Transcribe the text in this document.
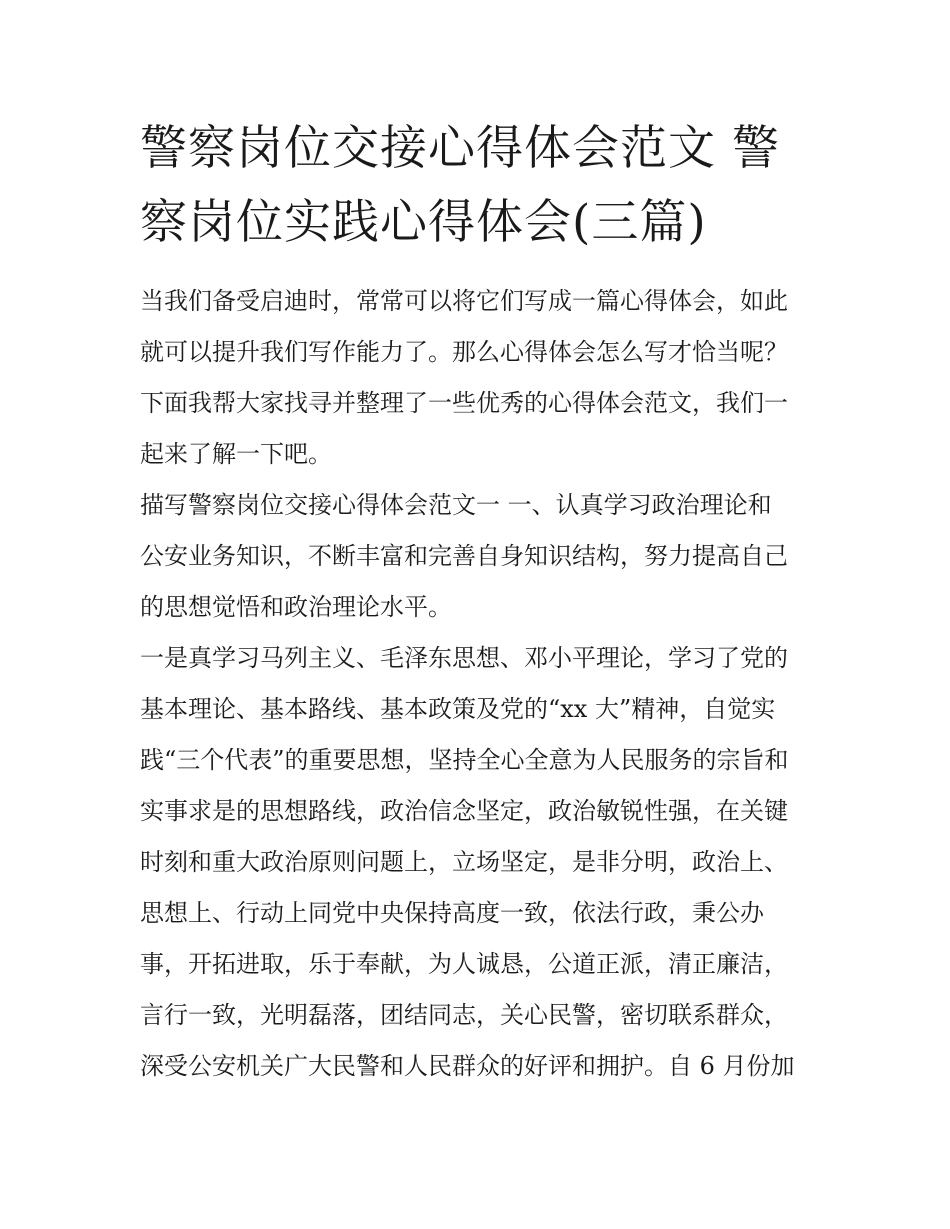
警察岗位交接心得体会范文 警
察岗位实践心得体会(三篇)

当我们备受启迪时，常常可以将它们写成一篇心得体会，如此
就可以提升我们写作能力了。那么心得体会怎么写才恰当呢？
下面我帮大家找寻并整理了一些优秀的心得体会范文，我们一
起来了解一下吧。

描写警察岗位交接心得体会范文一 一、认真学习政治理论和
公安业务知识，不断丰富和完善自身知识结构，努力提高自己
的思想觉悟和政治理论水平。

一是真学习马列主义、毛泽东思想、邓小平理论，学习了党的
基本理论、基本路线、基本政策及党的“xx 大”精神，自觉实
践“三个代表”的重要思想，坚持全心全意为人民服务的宗旨和
实事求是的思想路线，政治信念坚定，政治敏锐性强，在关键
时刻和重大政治原则问题上，立场坚定，是非分明，政治上、
思想上、行动上同党中央保持高度一致，依法行政，秉公办
事，开拓进取，乐于奉献，为人诚恳，公道正派，清正廉洁，
言行一致，光明磊落，团结同志，关心民警，密切联系群众，
深受公安机关广大民警和人民群众的好评和拥护。自 6 月份加
